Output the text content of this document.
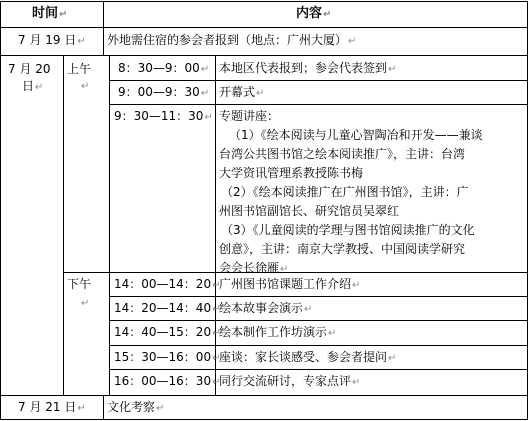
时间↵	内容↵
7 月 19 日↵ 外地需住宿的参会者报到（地点：广州大厦）↵
7 月 20
日↵
上午
↵
下午
↵
8：30—9：00↵ 本地区代表报到；参会代表签到↵
9：00—9：30↵ 开幕式↵
9：30—11：30↵ 专题讲座：
（1）《绘本阅读与儿童心智陶冶和开发——兼谈
台湾公共图书馆之绘本阅读推广》，主讲：台湾
大学资讯管理系教授陈书梅
（2）《绘本阅读推广在广州图书馆》，主讲：广
州图书馆副馆长、研究馆员吴翠红
（3）《儿童阅读的学理与图书馆阅读推广的文化
创意》，主讲：南京大学教授、中国阅读学研究
会会长徐雁↵
14：00—14：20↵
广州图书馆课题工作介绍↵
14：20—14：40↵
绘本故事会演示↵
14：40—15：20↵
绘本制作工作坊演示↵
15：30—16：00↵
座谈：家长谈感受、参会者提问↵
16：00—16：30↵
同行交流研讨，专家点评↵
7 月 21 日↵ 文化考察↵
